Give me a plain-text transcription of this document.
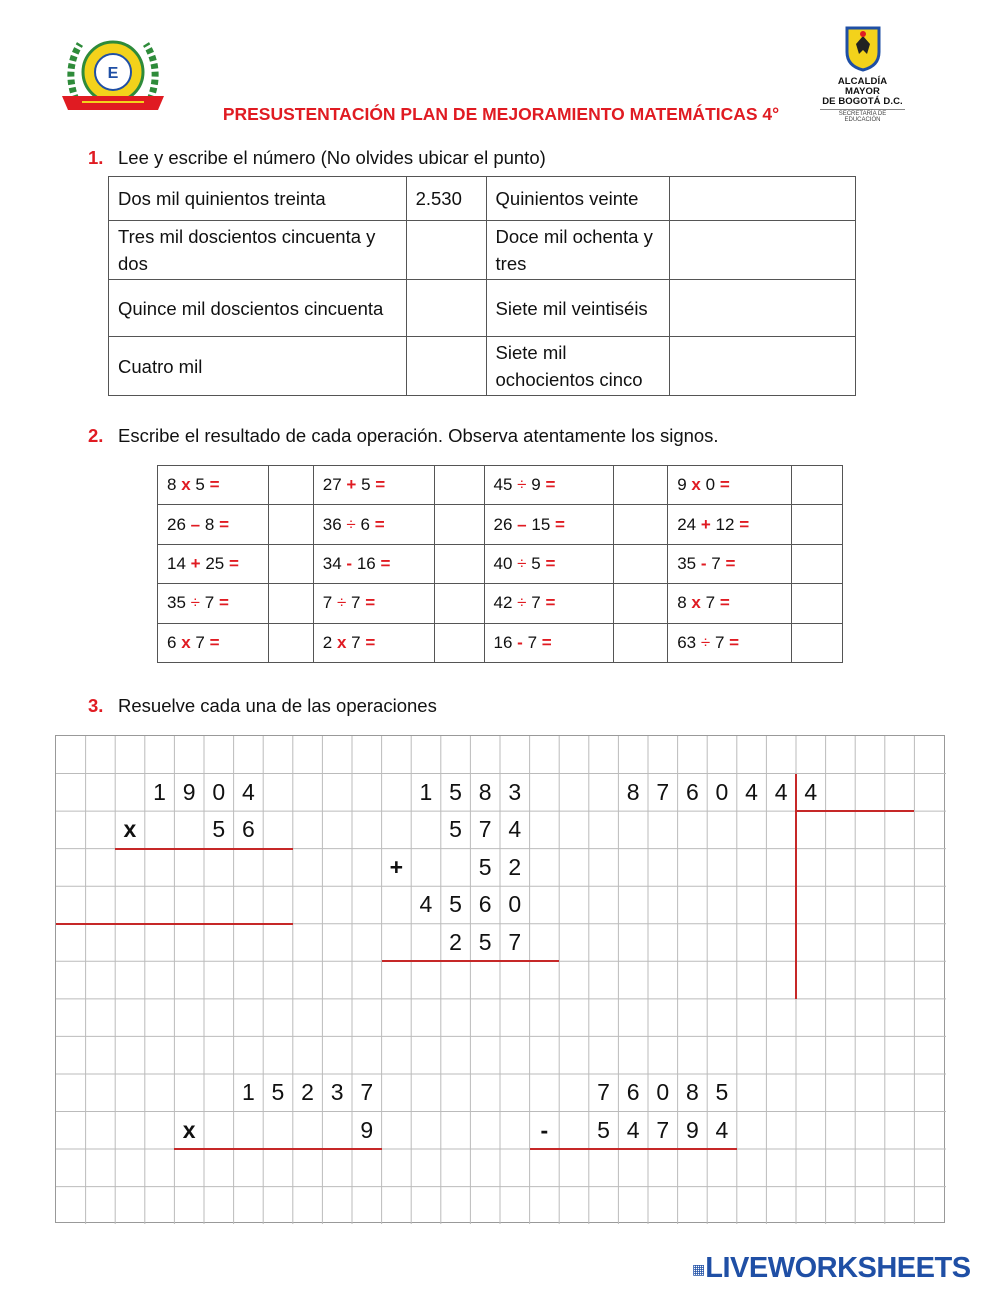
E	ALCALDÍA MAYOR
DE BOGOTÁ D.C.
SECRETARÍA DE EDUCACIÓN
PRESUSTENTACIÓN PLAN DE MEJORAMIENTO MATEMÁTICAS 4°
1. Lee y escribe el número (No olvides ubicar el punto)
Dos mil quinientos treinta	2.530	Quinientos veinte	
Tres mil doscientos cincuenta y dos		Doce mil ochenta y tres	
Quince mil doscientos cincuenta		Siete mil veintiséis	
Cuatro mil		Siete mil ochocientos cinco	
2. Escribe el resultado de cada operación. Observa atentamente los signos.
8 x 5 =		27 + 5 =		45 ÷ 9 =		9 x 0 =	
26 – 8 =		36 ÷ 6 =		26 – 15 =		24 + 12 =	
14 + 25 =		34 - 16 =		40 ÷ 5 =		35 - 7 =	
35 ÷ 7 =		7 ÷ 7 =		42 ÷ 7 =		8 x 7 =	
6 x 7 =		2 x 7 =		16 - 7 =		63 ÷ 7 =	
3. Resuelve cada una de las operaciones
1 9 0 4
x	5 6
1 5 8 3
5 7 4
+	5 2
4 5 6 0
2 5 7
8 7 6 0 4 4 4
1 5 2 3 7
x	9
7 6 0 8 5
-	5 4 7 9 4
▦LIVEWORKSHEETS
